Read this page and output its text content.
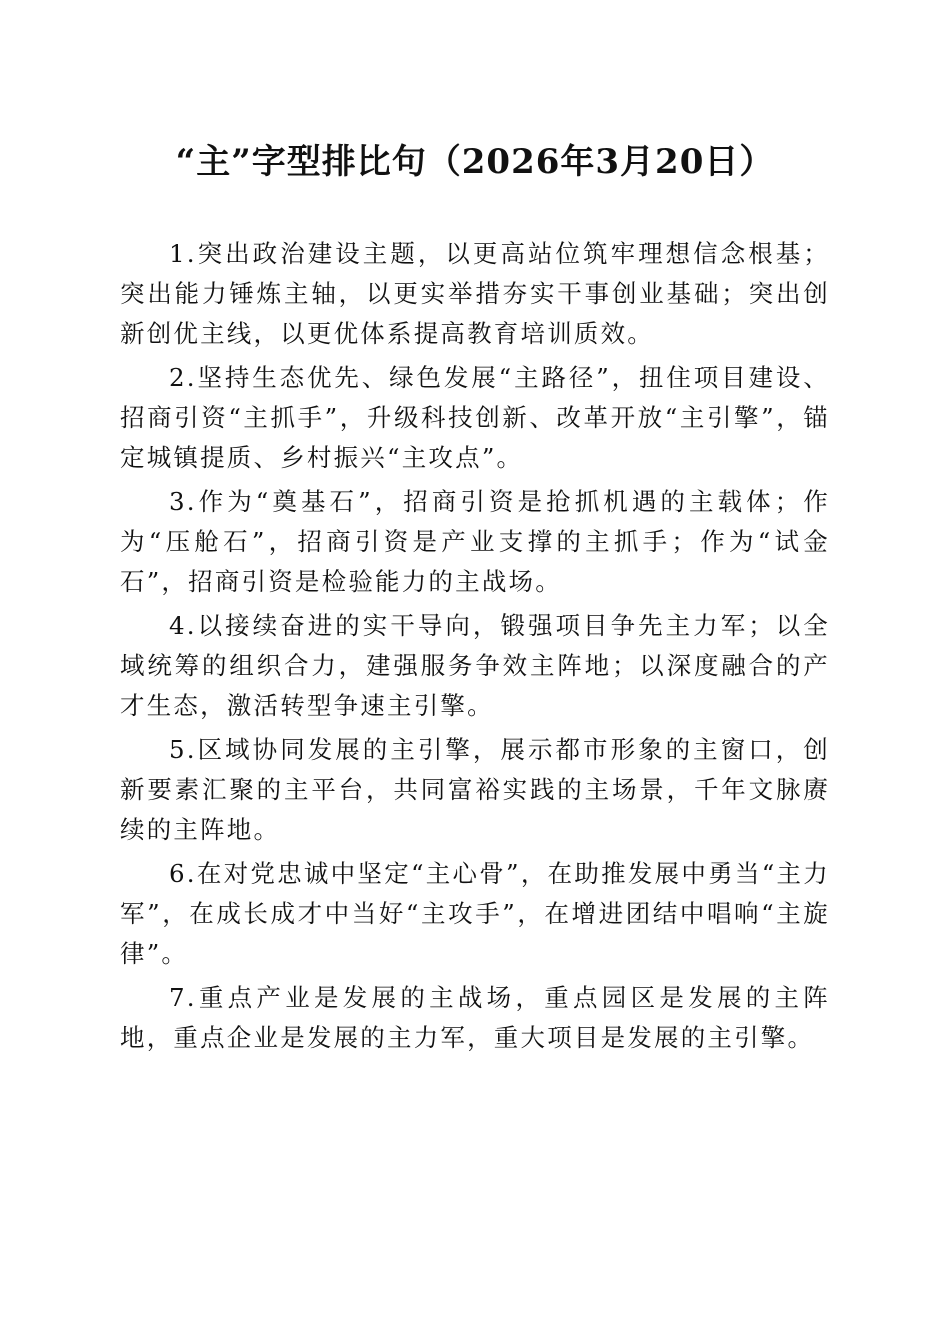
“主”字型排比句（2026年3月20日）

1.突出政治建设主题，以更高站位筑牢理想信念根基；突出能力锤炼主轴，以更实举措夯实干事创业基础；突出创新创优主线，以更优体系提高教育培训质效。

2.坚持生态优先、绿色发展“主路径”，扭住项目建设、招商引资“主抓手”，升级科技创新、改革开放“主引擎”，锚定城镇提质、乡村振兴“主攻点”。

3.作为“奠基石”，招商引资是抢抓机遇的主载体；作为“压舱石”，招商引资是产业支撑的主抓手；作为“试金石”，招商引资是检验能力的主战场。

4.以接续奋进的实干导向，锻强项目争先主力军；以全域统筹的组织合力，建强服务争效主阵地；以深度融合的产才生态，激活转型争速主引擎。

5.区域协同发展的主引擎，展示都市形象的主窗口，创新要素汇聚的主平台，共同富裕实践的主场景，千年文脉赓续的主阵地。

6.在对党忠诚中坚定“主心骨”，在助推发展中勇当“主力军”，在成长成才中当好“主攻手”，在增进团结中唱响“主旋律”。

7.重点产业是发展的主战场，重点园区是发展的主阵地，重点企业是发展的主力军，重大项目是发展的主引擎。
